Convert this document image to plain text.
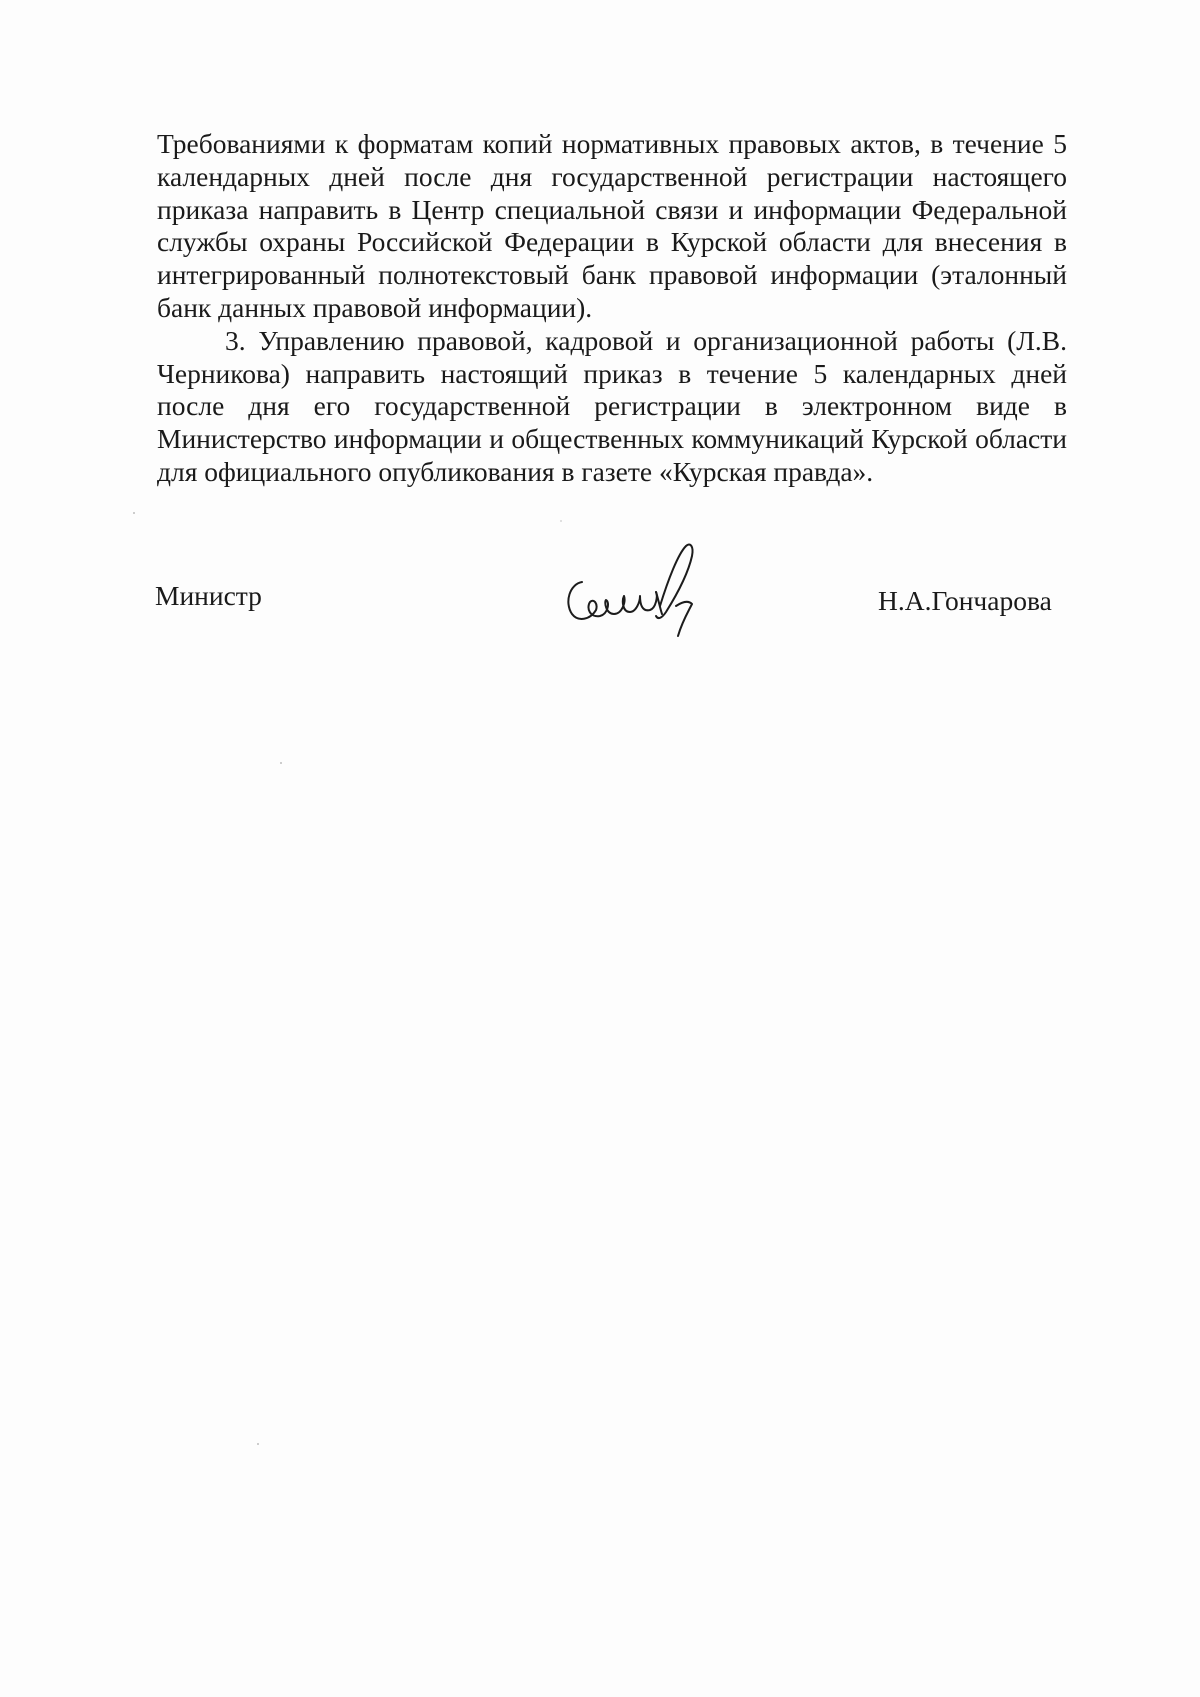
Требованиями к форматам копий нормативных правовых актов, в течение 5 календарных дней после дня государственной регистрации настоящего приказа направить в Центр специальной связи и информации Федеральной службы охраны Российской Федерации в Курской области для внесения в интегрированный полнотекстовый банк правовой информации (эталонный банк данных правовой информации).

3. Управлению правовой, кадровой и организационной работы (Л.В. Черникова) направить настоящий приказ в течение 5 календарных дней после дня его государственной регистрации в электронном виде в Министерство информации и общественных коммуникаций Курской области для официального опубликования в газете «Курская правда».

Министр	Н.А.Гончарова
